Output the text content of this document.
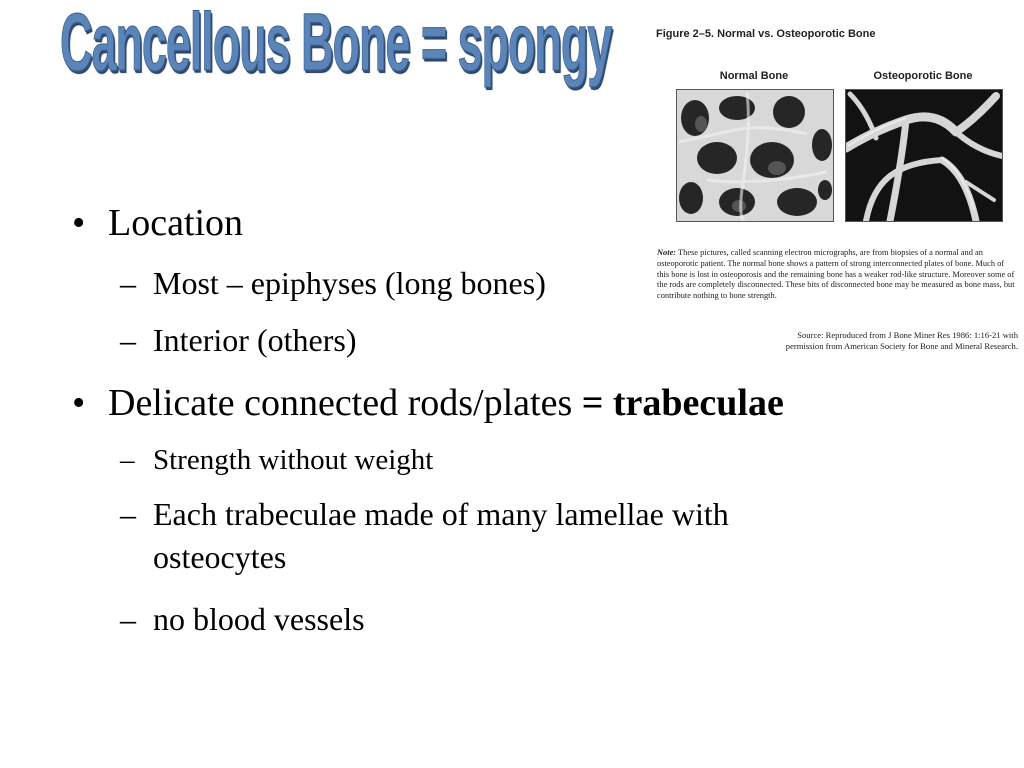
Cancellous Bone = spongy	Figure 2–5. Normal vs. Osteoporotic Bone
Normal Bone	Osteoporotic Bone
Note: These pictures, called scanning electron micrographs, are from biopsies of a normal and an osteoporotic patient. The normal bone shows a pattern of strong interconnected plates of bone. Much of this bone is lost in osteoporosis and the remaining bone has a weaker rod-like structure. Moreover some of the rods are completely disconnected. These bits of disconnected bone may be measured as bone mass, but contribute nothing to bone strength.
Source: Reproduced from J Bone Miner Res 1986: 1:16-21 with
permission from American Society for Bone and Mineral Research.
• Location
– Most – epiphyses (long bones)
– Interior (others)
• Delicate connected rods/plates = trabeculae
– Strength without weight
– Each trabeculae made of many lamellae with
osteocytes
– no blood vessels
